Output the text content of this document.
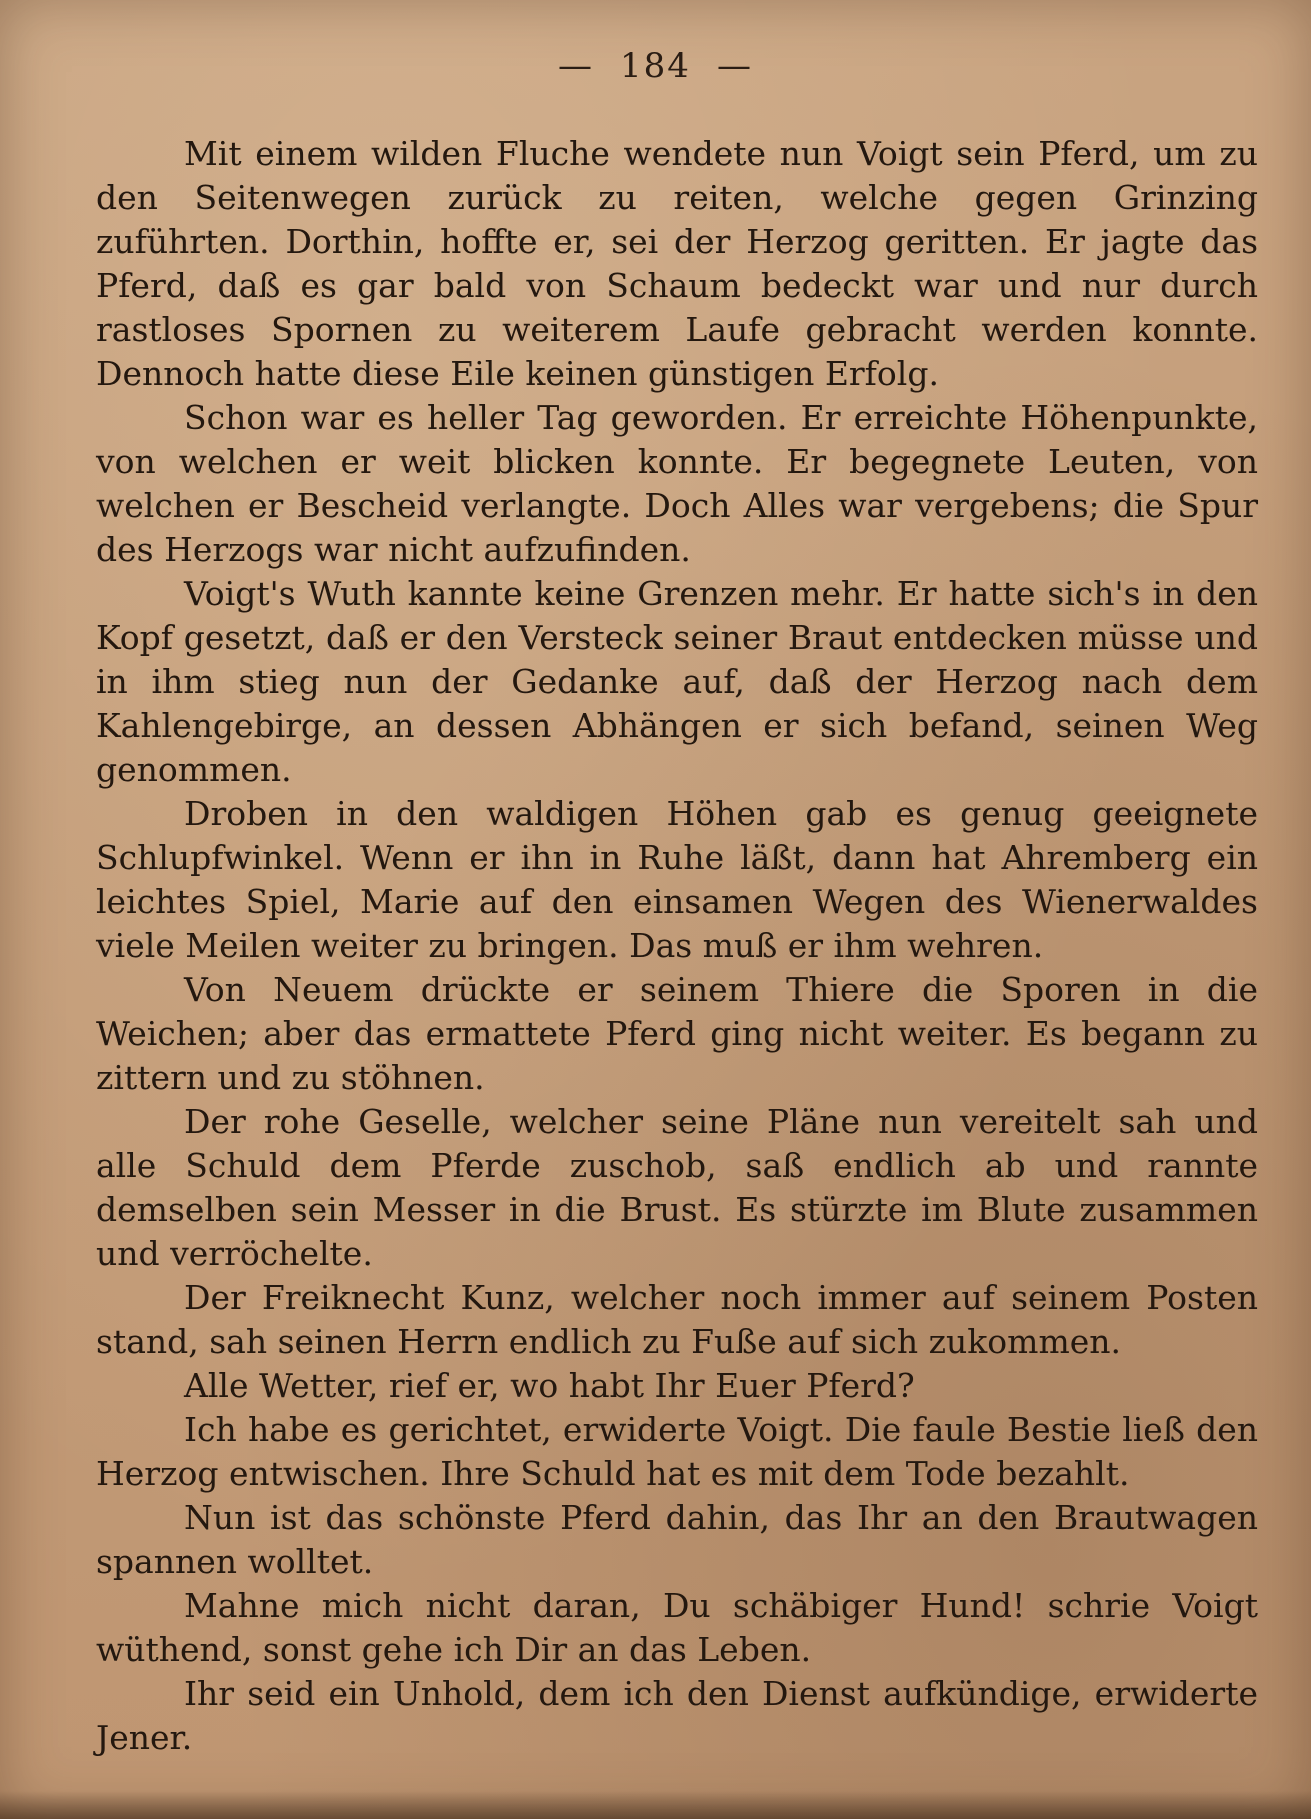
— 184 —

Mit einem wilden Fluche wendete nun Voigt sein Pferd, um zu den Seitenwegen zurück zu reiten, welche gegen Grinzing zuführten. Dorthin, hoffte er, sei der Herzog geritten. Er jagte das Pferd, daß es gar bald von Schaum bedeckt war und nur durch rastloses Spornen zu weiterem Laufe gebracht werden konnte. Dennoch hatte diese Eile keinen günstigen Erfolg.

Schon war es heller Tag geworden. Er erreichte Höhenpunkte, von welchen er weit blicken konnte. Er begegnete Leuten, von welchen er Bescheid verlangte. Doch Alles war vergebens; die Spur des Herzogs war nicht aufzufinden.

Voigt's Wuth kannte keine Grenzen mehr. Er hatte sich's in den Kopf gesetzt, daß er den Versteck seiner Braut entdecken müsse und in ihm stieg nun der Gedanke auf, daß der Herzog nach dem Kahlengebirge, an dessen Abhängen er sich befand, seinen Weg genommen.

Droben in den waldigen Höhen gab es genug geeignete Schlupfwinkel. Wenn er ihn in Ruhe läßt, dann hat Ahremberg ein leichtes Spiel, Marie auf den einsamen Wegen des Wienerwaldes viele Meilen weiter zu bringen. Das muß er ihm wehren.

Von Neuem drückte er seinem Thiere die Sporen in die Weichen; aber das ermattete Pferd ging nicht weiter. Es begann zu zittern und zu stöhnen.

Der rohe Geselle, welcher seine Pläne nun vereitelt sah und alle Schuld dem Pferde zuschob, saß endlich ab und rannte demselben sein Messer in die Brust. Es stürzte im Blute zusammen und verröchelte.

Der Freiknecht Kunz, welcher noch immer auf seinem Posten stand, sah seinen Herrn endlich zu Fuße auf sich zukommen.

Alle Wetter, rief er, wo habt Ihr Euer Pferd?

Ich habe es gerichtet, erwiderte Voigt. Die faule Bestie ließ den Herzog entwischen. Ihre Schuld hat es mit dem Tode bezahlt.

Nun ist das schönste Pferd dahin, das Ihr an den Brautwagen spannen wolltet.

Mahne mich nicht daran, Du schäbiger Hund! schrie Voigt wüthend, sonst gehe ich Dir an das Leben.

Ihr seid ein Unhold, dem ich den Dienst aufkündige, erwiderte Jener.
